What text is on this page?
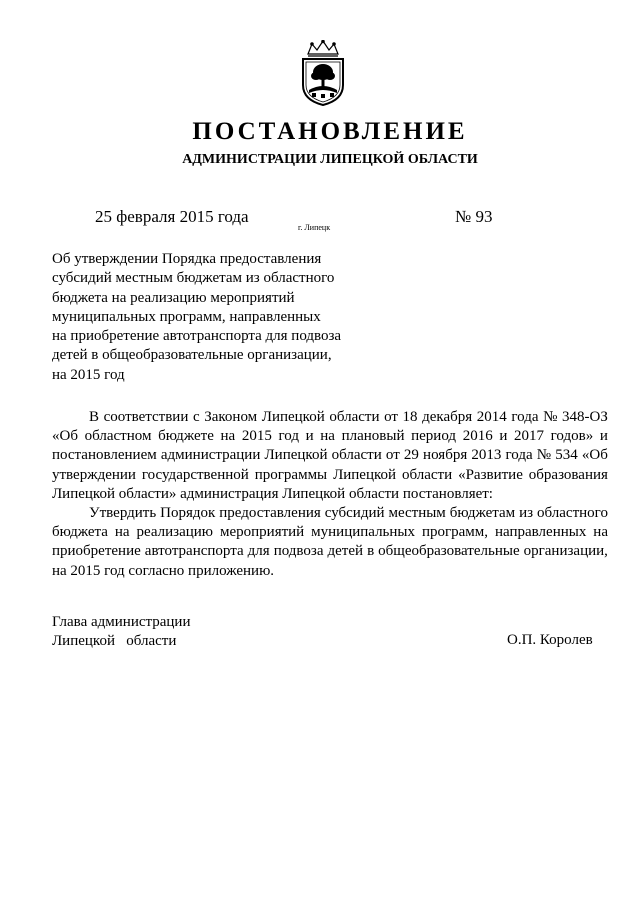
ПОСТАНОВЛЕНИЕ
АДМИНИСТРАЦИИ ЛИПЕЦКОЙ ОБЛАСТИ
25 февраля 2015 года
г. Липецк
№ 93
Об утверждении Порядка предоставления
субсидий местным бюджетам из областного
бюджета на реализацию мероприятий
муниципальных программ, направленных
на приобретение автотранспорта для подвоза
детей в общеобразовательные организации,
на 2015 год
В соответствии с Законом Липецкой области от 18 декабря 2014 года № 348-ОЗ
«Об областном бюджете на 2015 год и на плановый период 2016 и 2017 годов» и
постановлением администрации Липецкой области от 29 ноября 2013 года № 534 «Об
утверждении государственной программы Липецкой области «Развитие образования
Липецкой области» администрация Липецкой области постановляет:
Утвердить Порядок предоставления субсидий местным бюджетам из областного
бюджета на реализацию мероприятий муниципальных программ, направленных на
приобретение автотранспорта для подвоза детей в общеобразовательные организации,
на 2015 год согласно приложению.
Глава администрации
Липецкой   области	О.П. Королев
